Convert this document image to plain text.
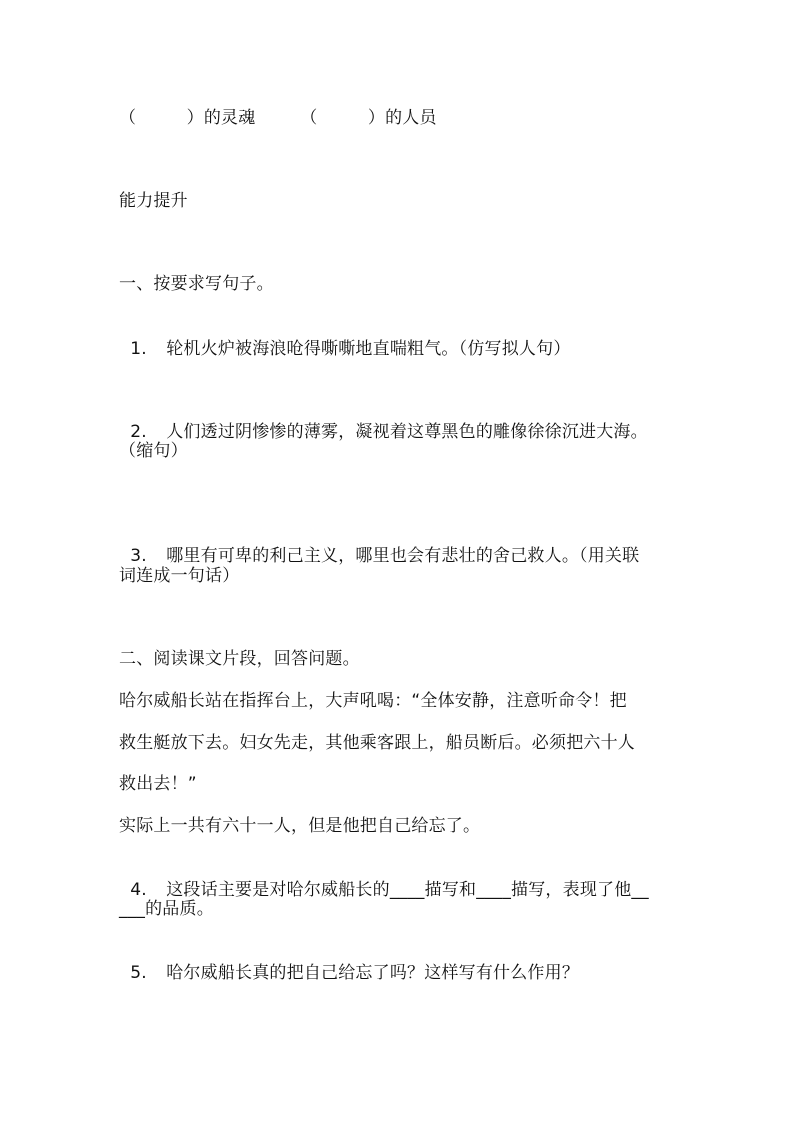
（         ）的灵魂        （         ）的人员
能力提升
一、按要求写句子。

1. 轮机火炉被海浪呛得嘶嘶地直喘粗气。（仿写拟人句）

2. 人们透过阴惨惨的薄雾，凝视着这尊黑色的雕像徐徐沉进大海。

（缩句）

3. 哪里有可卑的利己主义，哪里也会有悲壮的舍己救人。（用关联

词连成一句话）
二、阅读课文片段，回答问题。
哈尔威船长站在指挥台上，大声吼喝：“全体安静，注意听命令！把
救生艇放下去。妇女先走，其他乘客跟上，船员断后。必须把六十人
救出去！”
实际上一共有六十一人，但是他把自己给忘了。

4. 这段话主要是对哈尔威船长的____描写和____描写，表现了他__

___的品质。

5. 哈尔威船长真的把自己给忘了吗？这样写有什么作用？
